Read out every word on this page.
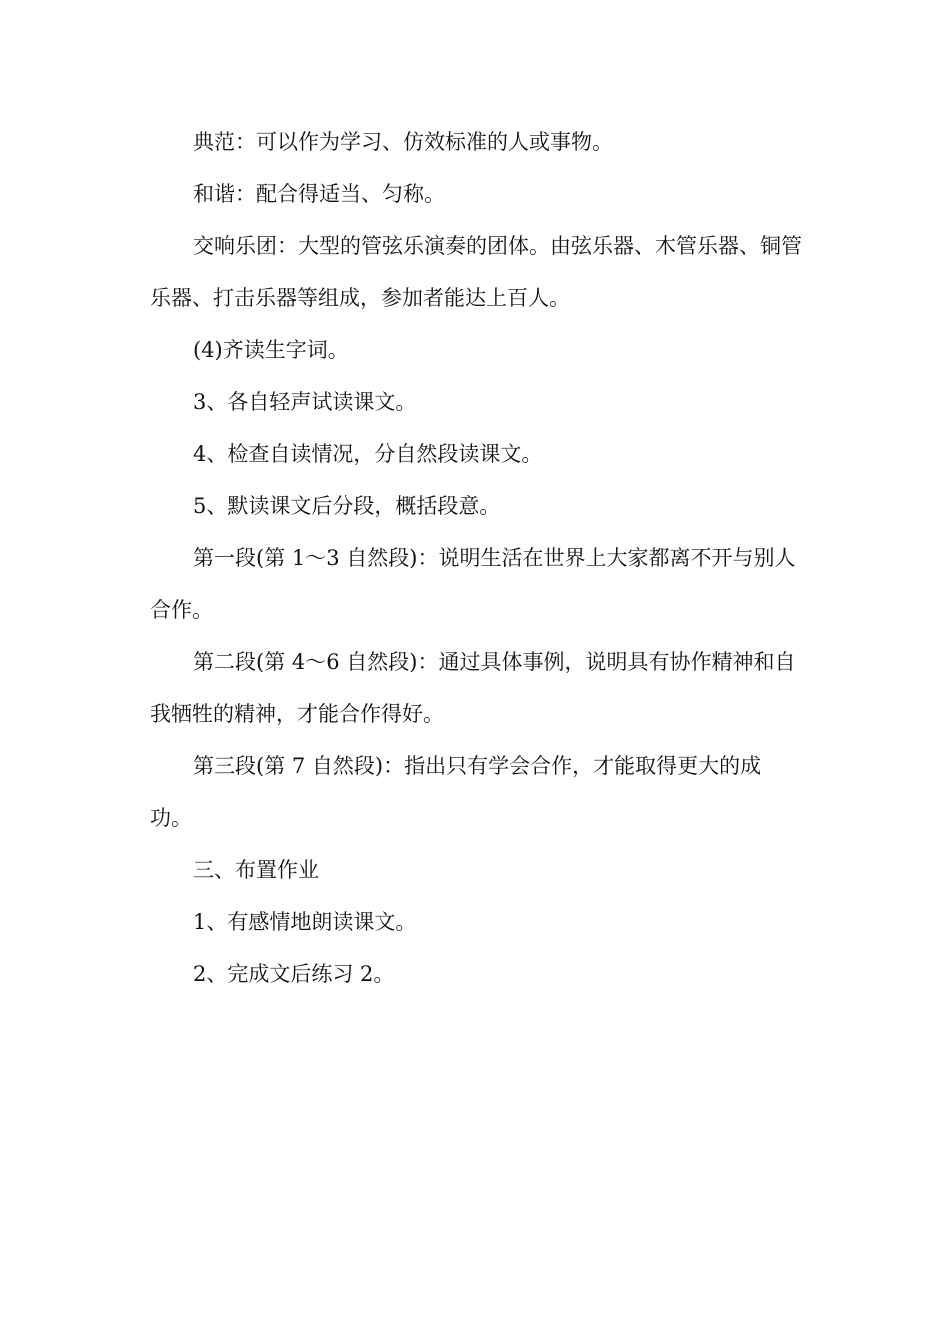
典范：可以作为学习、仿效标准的人或事物。

和谐：配合得适当、匀称。

交响乐团：大型的管弦乐演奏的团体。由弦乐器、木管乐器、铜管乐器、打击乐器等组成，参加者能达上百人。

(4)齐读生字词。

3、各自轻声试读课文。

4、检查自读情况，分自然段读课文。

5、默读课文后分段，概括段意。

第一段(第 1～3 自然段)：说明生活在世界上大家都离不开与别人合作。

第二段(第 4～6 自然段)：通过具体事例，说明具有协作精神和自我牺牲的精神，才能合作得好。

第三段(第 7 自然段)：指出只有学会合作，才能取得更大的成功。

三、布置作业

1、有感情地朗读课文。

2、完成文后练习 2。
